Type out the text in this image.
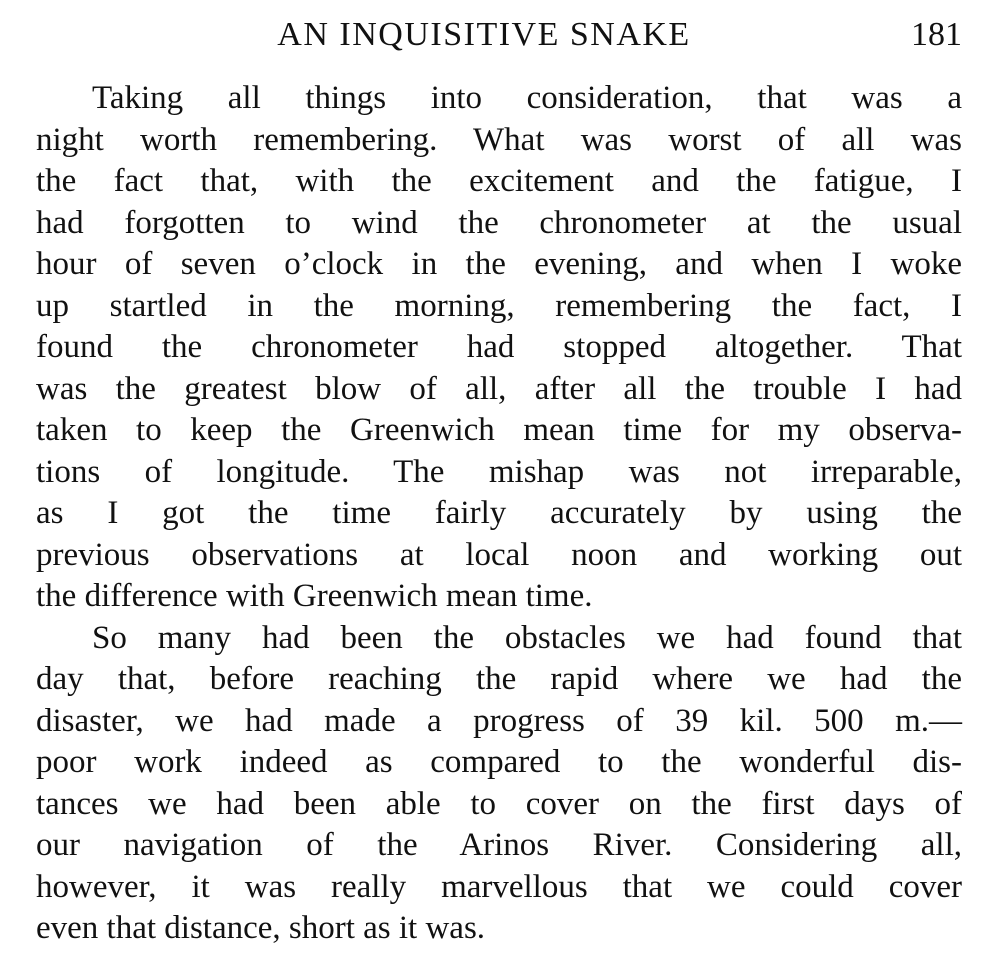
AN INQUISITIVE SNAKE	181
Taking all things into consideration, that was a
night worth remembering. What was worst of all was
the fact that, with the excitement and the fatigue, I
had forgotten to wind the chronometer at the usual
hour of seven o’clock in the evening, and when I woke
up startled in the morning, remembering the fact, I
found the chronometer had stopped altogether. That
was the greatest blow of all, after all the trouble I had
taken to keep the Greenwich mean time for my observa-
tions of longitude. The mishap was not irreparable,
as I got the time fairly accurately by using the
previous observations at local noon and working out
the difference with Greenwich mean time.
So many had been the obstacles we had found that
day that, before reaching the rapid where we had the
disaster, we had made a progress of 39 kil. 500 m.—
poor work indeed as compared to the wonderful dis-
tances we had been able to cover on the first days of
our navigation of the Arinos River. Considering all,
however, it was really marvellous that we could cover
even that distance, short as it was.
